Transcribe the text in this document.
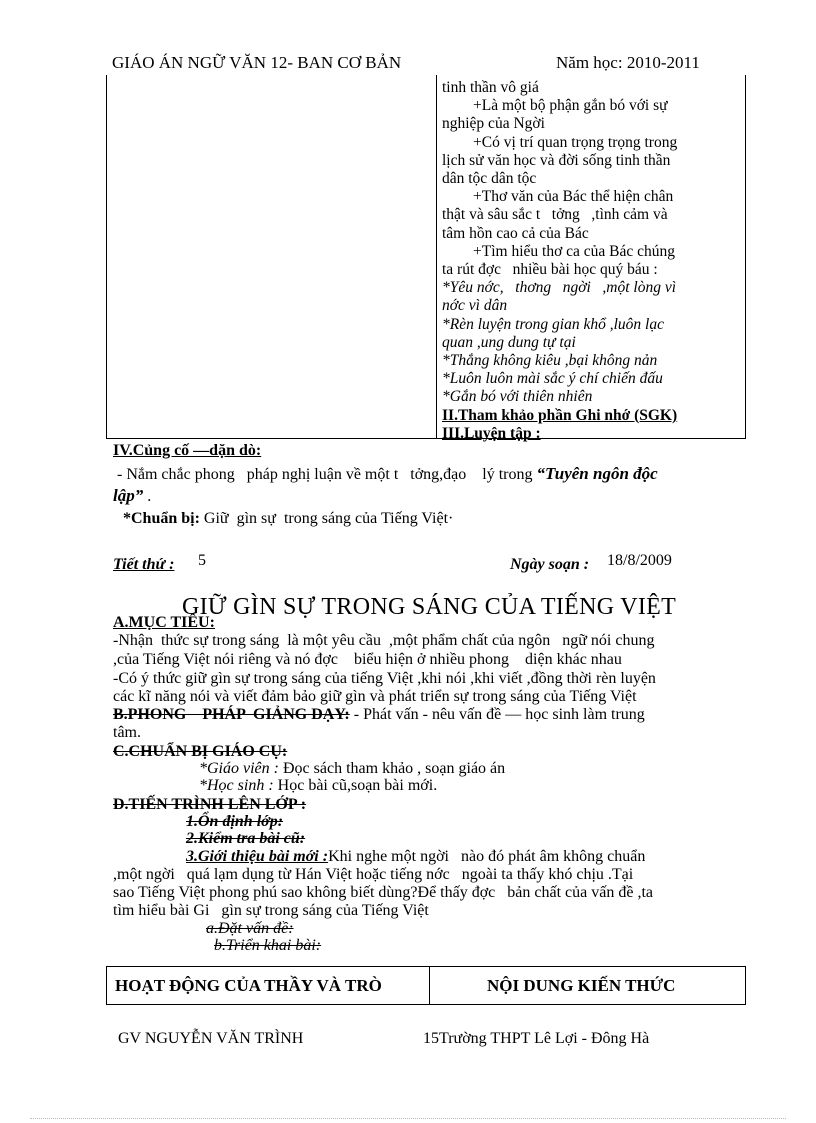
GIÁO ÁN NGỮ VĂN 12- BAN CƠ BẢN	Năm học: 2010-2011
tinh thần vô giá
+Là một bộ phận gắn bó với sự
nghiệp của Ngời
+Có vị trí quan trọng trọng trong
lịch sử văn học và đời sống tinh thần
dân tộc dân tộc
+Thơ văn của Bác thể hiện chân
thật và sâu sắc t   tởng   ,tình cảm và
tâm hồn cao cả của Bác
+Tìm hiểu thơ ca của Bác chúng
ta rút đợc   nhiều bài học quý báu :
*Yêu nớc,   thơng   ngời   ,một lòng vì
nớc vì dân
*Rèn luyện trong gian khổ ,luôn lạc
quan ,ung dung tự tại
*Thắng không kiêu ,bại không nản
*Luôn luôn mài sắc ý chí chiến đấu
*Gắn bó với thiên nhiên
II.Tham khảo phần Ghi nhớ (SGK)
III.Luyện tập :
IV.Củng cố —dặn dò:
- Nắm chắc phong   pháp nghị luận về một t   tởng,đạo    lý trong “Tuyên ngôn độc
lập” .
*Chuẩn bị: Giữ  gìn sự  trong sáng của Tiếng Việt·
Tiết thứ : 5	Ngày soạn : 18/8/2009
GIỮ GÌN SỰ TRONG SÁNG CỦA TIẾNG VIỆT
A.MỤC TIÊU:
-Nhận  thức sự trong sáng  là một yêu cầu  ,một phẩm chất của ngôn   ngữ nói chung
,của Tiếng Việt nói riêng và nó đợc    biểu hiện ở nhiều phong    diện khác nhau
-Có ý thức giữ gìn sự trong sáng của tiếng Việt ,khi nói ,khi viết ,đồng thời rèn luyện
các kĩ năng nói và viết đảm bảo giữ gìn và phát triển sự trong sáng của Tiếng Việt
B.PHONG    PHÁP  GIẢNG DẠY: - Phát vấn - nêu vấn đề — học sinh làm trung
tâm.
C.CHUẨN BỊ GIÁO CỤ:
*Giáo viên : Đọc sách tham khảo , soạn giáo án
*Học sinh : Học bài cũ,soạn bài mới.
D.TIẾN TRÌNH LÊN LỚP :
1.Ổn định lớp:
2.Kiểm tra bài cũ:
3.Giới thiệu bài mới :Khi nghe một ngời   nào đó phát âm không chuẩn
,một ngời   quá lạm dụng từ Hán Việt hoặc tiếng nớc   ngoài ta thấy khó chịu .Tại
sao Tiếng Việt phong phú sao không biết dùng?Để thấy đợc   bản chất của vấn đề ,ta
tìm hiểu bài Gi   gìn sự trong sáng của Tiếng Việt
a.Đặt vấn đề:
b.Triển khai bài:
HOẠT ĐỘNG CỦA THẦY VÀ TRÒ	NỘI DUNG KIẾN THỨC
GV NGUYỄN VĂN TRÌNH	15Trường THPT Lê Lợi - Đông Hà
